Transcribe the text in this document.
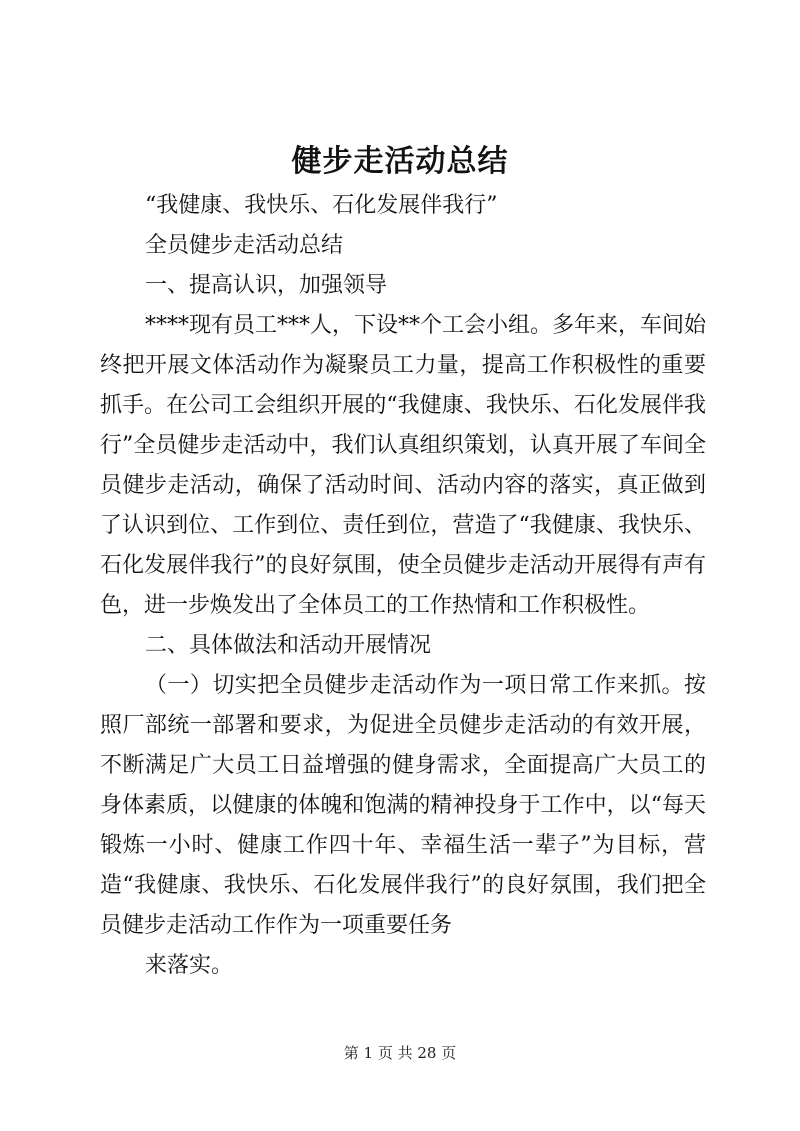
健步走活动总结

“我健康、我快乐、石化发展伴我行”

全员健步走活动总结

一、提高认识，加强领导

****现有员工***人，下设**个工会小组。多年来，车间始终把开展文体活动作为凝聚员工力量，提高工作积极性的重要抓手。在公司工会组织开展的“我健康、我快乐、石化发展伴我行”全员健步走活动中，我们认真组织策划，认真开展了车间全员健步走活动，确保了活动时间、活动内容的落实，真正做到了认识到位、工作到位、责任到位，营造了“我健康、我快乐、石化发展伴我行”的良好氛围，使全员健步走活动开展得有声有色，进一步焕发出了全体员工的工作热情和工作积极性。

二、具体做法和活动开展情况

（一）切实把全员健步走活动作为一项日常工作来抓。按照厂部统一部署和要求，为促进全员健步走活动的有效开展，不断满足广大员工日益增强的健身需求，全面提高广大员工的身体素质，以健康的体魄和饱满的精神投身于工作中，以“每天锻炼一小时、健康工作四十年、幸福生活一辈子”为目标，营造“我健康、我快乐、石化发展伴我行”的良好氛围，我们把全员健步走活动工作作为一项重要任务

来落实。

第 1 页 共 28 页
